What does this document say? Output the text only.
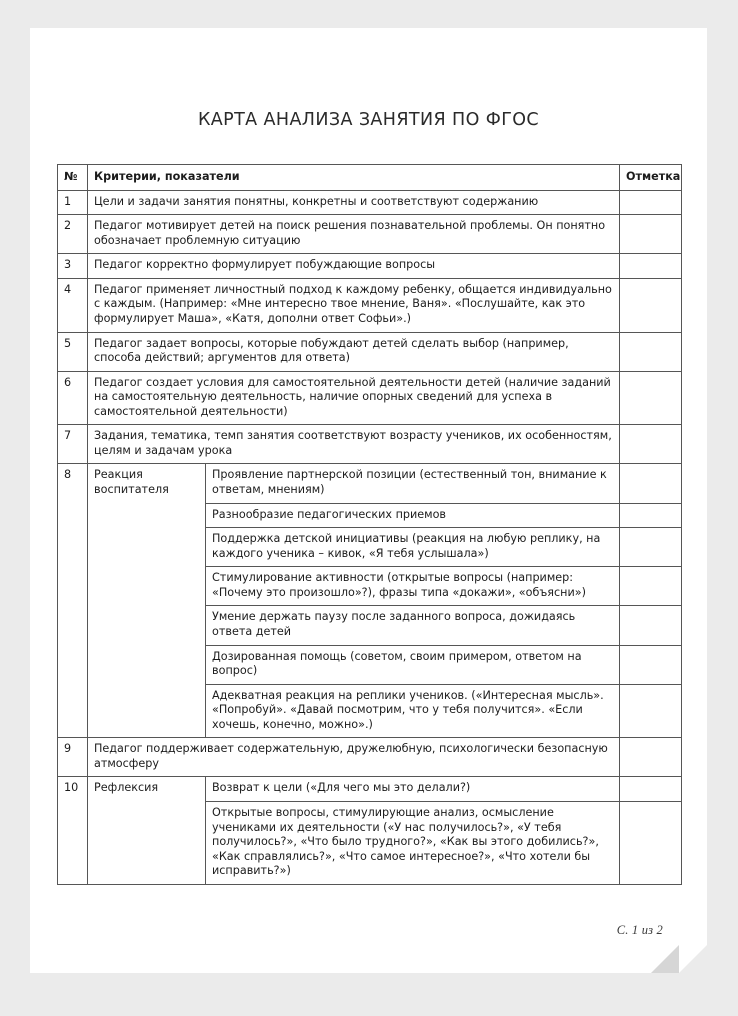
КАРТА АНАЛИЗА ЗАНЯТИЯ ПО ФГОС
№	Критерии, показатели		Отметка
1	Цели и задачи занятия понятны, конкретны и соответствуют содержанию		
2	Педагог мотивирует детей на поиск решения познавательной проблемы. Он понятно обозначает проблемную ситуацию		
3	Педагог корректно формулирует побуждающие вопросы		
4	Педагог применяет личностный подход к каждому ребенку, общается индивидуально с каждым. (Например: «Мне интересно твое мнение, Ваня». «Послушайте, как это формулирует Маша», «Катя, дополни ответ Софьи».)		
5	Педагог задает вопросы, которые побуждают детей сделать выбор (например, способа действий; аргументов для ответа)		
6	Педагог создает условия для самостоятельной деятельности детей (наличие заданий на самостоятельную деятельность, наличие опорных сведений для успеха в самостоятельной деятельности)		
7	Задания, тематика, темп занятия соответствуют возрасту учеников, их особенностям, целям и задачам урока		
8	Реакция воспитателя	Проявление партнерской позиции (естественный тон, внимание к ответам, мнениям)	
		Разнообразие педагогических приемов	
		Поддержка детской инициативы (реакция на любую реплику, на каждого ученика – кивок, «Я тебя услышала»)	
		Стимулирование активности (открытые вопросы (например: «Почему это произошло»?), фразы типа «докажи», «объясни»)	
		Умение держать паузу после заданного вопроса, дожидаясь ответа детей	
		Дозированная помощь (советом, своим примером, ответом на вопрос)	
		Адекватная реакция на реплики учеников. («Интересная мысль». «Попробуй». «Давай посмотрим, что у тебя получится». «Если хочешь, конечно, можно».)	
9	Педагог поддерживает содержательную, дружелюбную, психологически безопасную атмосферу		
10	Рефлексия	Возврат к цели («Для чего мы это делали?)	
		Открытые вопросы, стимулирующие анализ, осмысление учениками их деятельности («У нас получилось?», «У тебя получилось?», «Что было трудного?», «Как вы этого добились?», «Как справлялись?», «Что самое интересное?», «Что хотели бы исправить?»)	
С. 1 из 2
